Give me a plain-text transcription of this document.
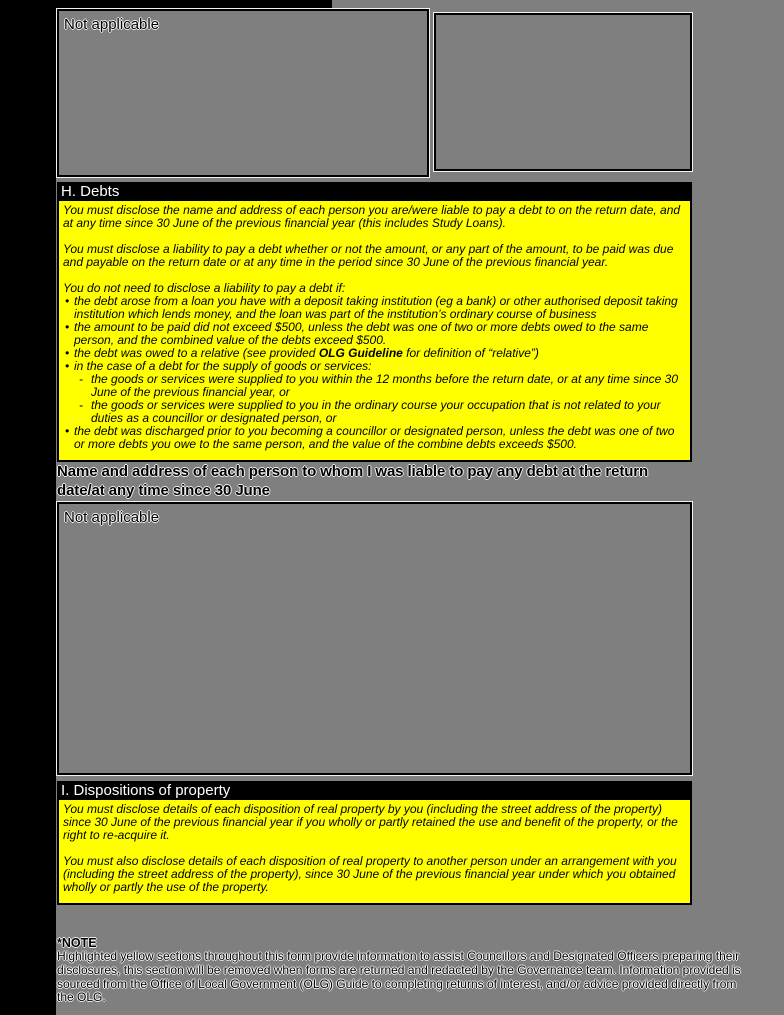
Not applicable
H. Debts

You must disclose the name and address of each person you are/were liable to pay a debt to on the return date, and at any time since 30 June of the previous financial year (this includes Study Loans).

You must disclose a liability to pay a debt whether or not the amount, or any part of the amount, to be paid was due and payable on the return date or at any time in the period since 30 June of the previous financial year.

You do not need to disclose a liability to pay a debt if:

• the debt arose from a loan you have with a deposit taking institution (eg a bank) or other authorised deposit taking institution which lends money, and the loan was part of the institution’s ordinary course of business
• the amount to be paid did not exceed $500, unless the debt was one of two or more debts owed to the same person, and the combined value of the debts exceed $500.
• the debt was owed to a relative (see provided OLG Guideline for definition of “relative”)
• in the case of a debt for the supply of goods or services:
- the goods or services were supplied to you within the 12 months before the return date, or at any time since 30 June of the previous financial year, or
- the goods or services were supplied to you in the ordinary course your occupation that is not related to your duties as a councillor or designated person, or
• the debt was discharged prior to you becoming a councillor or designated person, unless the debt was one of two or more debts you owe to the same person, and the value of the combine debts exceeds $500.
Name and address of each person to whom I was liable to pay any debt at the return date/at any time since 30 June
Not applicable
I. Dispositions of property

You must disclose details of each disposition of real property by you (including the street address of the property) since 30 June of the previous financial year if you wholly or partly retained the use and benefit of the property, or the right to re-acquire it.

You must also disclose details of each disposition of real property to another person under an arrangement with you (including the street address of the property), since 30 June of the previous financial year under which you obtained wholly or partly the use of the property.

*NOTE
Highlighted yellow sections throughout this form provide information to assist Councillors and Designated Officers preparing their disclosures, this section will be removed when forms are returned and redacted by the Governance team. Information provided is sourced from the Office of Local Government (OLG) Guide to completing returns of interest, and/or advice provided directly from the OLG.
